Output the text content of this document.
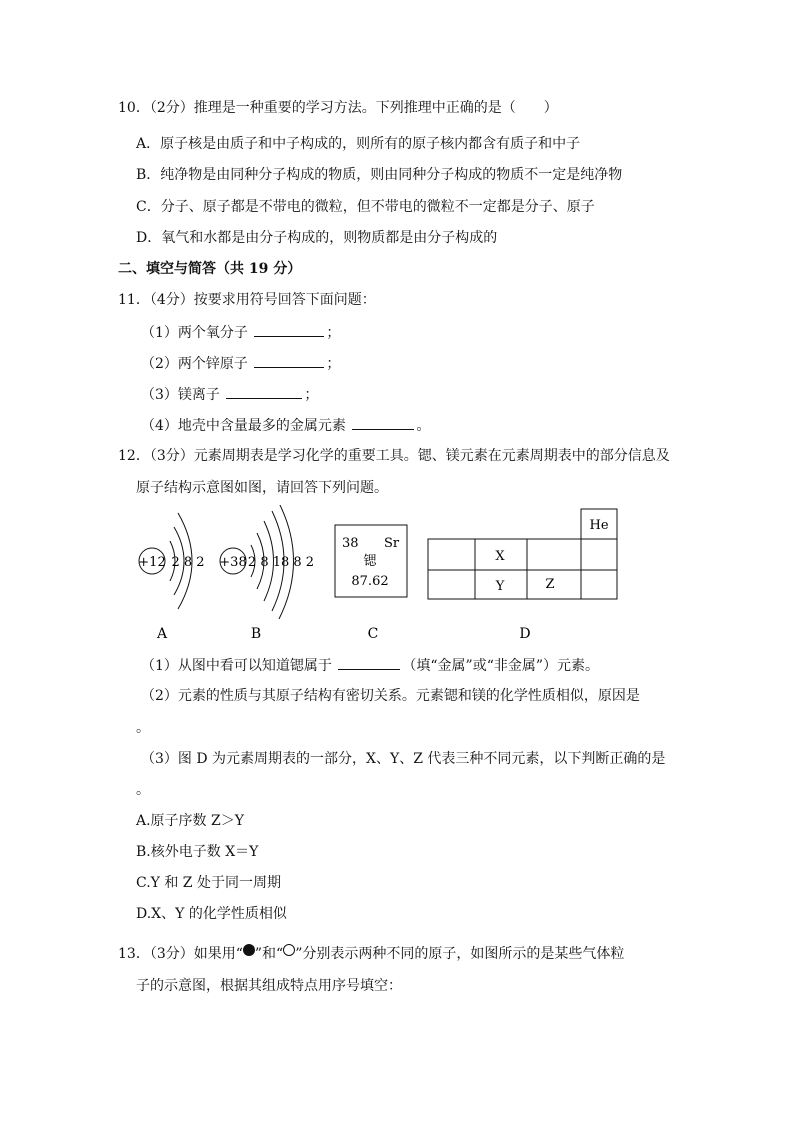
10．（2分）推理是一种重要的学习方法。下列推理中正确的是（　　）
A．原子核是由质子和中子构成的，则所有的原子核内都含有质子和中子
B．纯净物是由同种分子构成的物质，则由同种分子构成的物质不一定是纯净物
C．分子、原子都是不带电的微粒，但不带电的微粒不一定都是分子、原子
D．氧气和水都是由分子构成的，则物质都是由分子构成的
二、填空与简答（共 19 分）
11．（4分）按要求用符号回答下面问题：
（1）两个氧分子	；
（2）两个锌原子	；
（3）镁离子	；
（4）地壳中含量最多的金属元素	。
12．（3分）元素周期表是学习化学的重要工具。锶、镁元素在元素周期表中的部分信息及
原子结构示意图如图，请回答下列问题。
+12 2 8 2 +38 2 8 18 8 2
38 Sr
锶
87.62
He
X
Y	Z
A	B	C	D
（1）从图中看可以知道锶属于	（填“金属”或“非金属”）元素。
（2）元素的性质与其原子结构有密切关系。元素锶和镁的化学性质相似，原因是
。
（3）图 D 为元素周期表的一部分，X、Y、Z 代表三种不同元素，以下判断正确的是
。
A.原子序数 Z＞Y
B.核外电子数 X＝Y
C.Y 和 Z 处于同一周期
D.X、Y 的化学性质相似
13．（3分）如果用“ ”和“ ”分别表示两种不同的原子，如图所示的是某些气体粒
子的示意图，根据其组成特点用序号填空：
